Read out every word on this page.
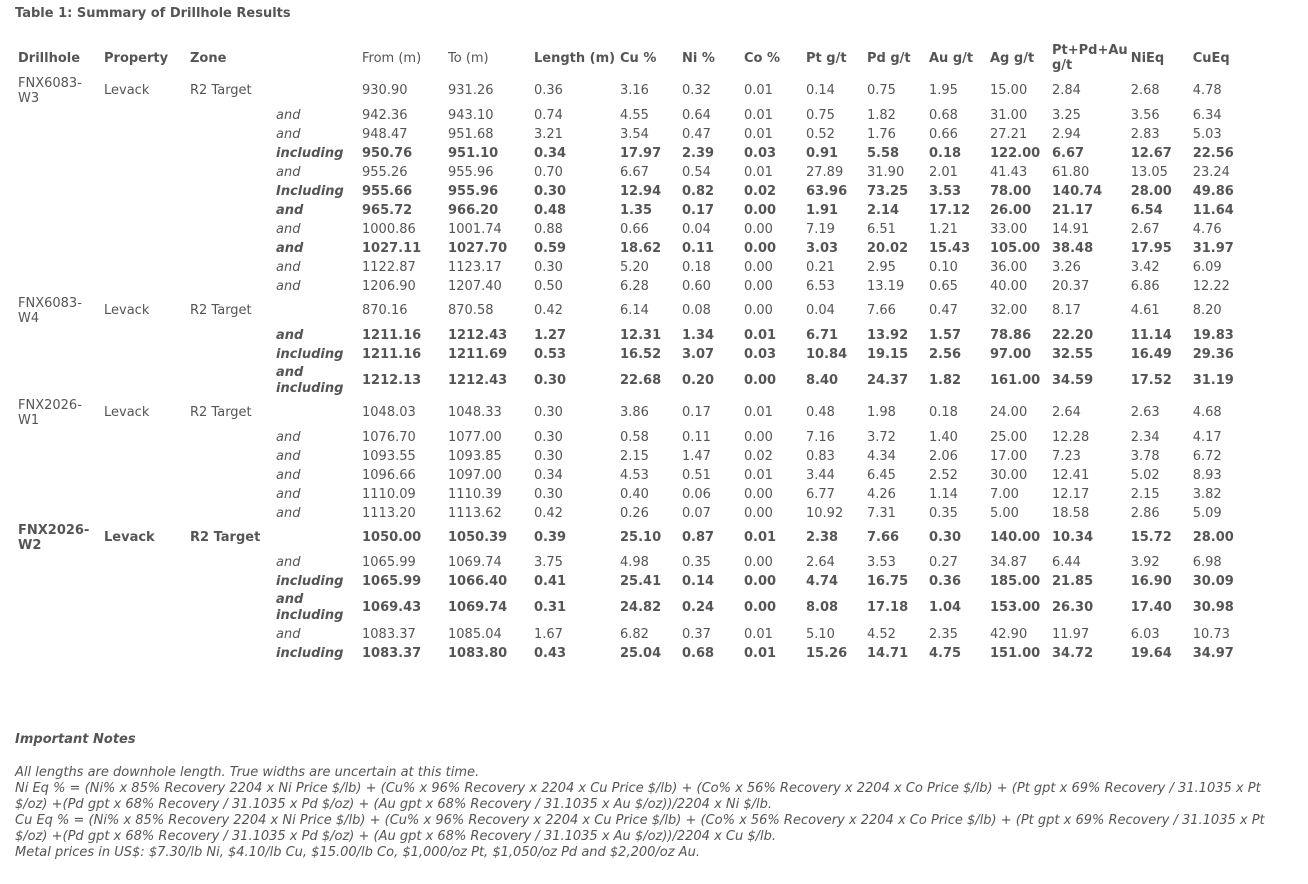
Table 1: Summary of Drillhole Results
Drillhole	Property	Zone		From (m)	To (m)	Length (m)	Cu %	Ni %	Co %	Pt g/t	Pd g/t	Au g/t	Ag g/t	Pt+Pd+Au g/t	NiEq	CuEq
FNX6083-W3	Levack	R2 Target		930.90	931.26	0.36	3.16	0.32	0.01	0.14	0.75	1.95	15.00	2.84	2.68	4.78
			and	942.36	943.10	0.74	4.55	0.64	0.01	0.75	1.82	0.68	31.00	3.25	3.56	6.34
			and	948.47	951.68	3.21	3.54	0.47	0.01	0.52	1.76	0.66	27.21	2.94	2.83	5.03
			including	950.76	951.10	0.34	17.97	2.39	0.03	0.91	5.58	0.18	122.00	6.67	12.67	22.56
			and	955.26	955.96	0.70	6.67	0.54	0.01	27.89	31.90	2.01	41.43	61.80	13.05	23.24
			Including	955.66	955.96	0.30	12.94	0.82	0.02	63.96	73.25	3.53	78.00	140.74	28.00	49.86
			and	965.72	966.20	0.48	1.35	0.17	0.00	1.91	2.14	17.12	26.00	21.17	6.54	11.64
			and	1000.86	1001.74	0.88	0.66	0.04	0.00	7.19	6.51	1.21	33.00	14.91	2.67	4.76
			and	1027.11	1027.70	0.59	18.62	0.11	0.00	3.03	20.02	15.43	105.00	38.48	17.95	31.97
			and	1122.87	1123.17	0.30	5.20	0.18	0.00	0.21	2.95	0.10	36.00	3.26	3.42	6.09
			and	1206.90	1207.40	0.50	6.28	0.60	0.00	6.53	13.19	0.65	40.00	20.37	6.86	12.22
FNX6083-W4	Levack	R2 Target		870.16	870.58	0.42	6.14	0.08	0.00	0.04	7.66	0.47	32.00	8.17	4.61	8.20
			and	1211.16	1212.43	1.27	12.31	1.34	0.01	6.71	13.92	1.57	78.86	22.20	11.14	19.83
			including	1211.16	1211.69	0.53	16.52	3.07	0.03	10.84	19.15	2.56	97.00	32.55	16.49	29.36
			and including	1212.13	1212.43	0.30	22.68	0.20	0.00	8.40	24.37	1.82	161.00	34.59	17.52	31.19
FNX2026-W1	Levack	R2 Target		1048.03	1048.33	0.30	3.86	0.17	0.01	0.48	1.98	0.18	24.00	2.64	2.63	4.68
			and	1076.70	1077.00	0.30	0.58	0.11	0.00	7.16	3.72	1.40	25.00	12.28	2.34	4.17
			and	1093.55	1093.85	0.30	2.15	1.47	0.02	0.83	4.34	2.06	17.00	7.23	3.78	6.72
			and	1096.66	1097.00	0.34	4.53	0.51	0.01	3.44	6.45	2.52	30.00	12.41	5.02	8.93
			and	1110.09	1110.39	0.30	0.40	0.06	0.00	6.77	4.26	1.14	7.00	12.17	2.15	3.82
			and	1113.20	1113.62	0.42	0.26	0.07	0.00	10.92	7.31	0.35	5.00	18.58	2.86	5.09
FNX2026-W2	Levack	R2 Target		1050.00	1050.39	0.39	25.10	0.87	0.01	2.38	7.66	0.30	140.00	10.34	15.72	28.00
			and	1065.99	1069.74	3.75	4.98	0.35	0.00	2.64	3.53	0.27	34.87	6.44	3.92	6.98
			including	1065.99	1066.40	0.41	25.41	0.14	0.00	4.74	16.75	0.36	185.00	21.85	16.90	30.09
			and including	1069.43	1069.74	0.31	24.82	0.24	0.00	8.08	17.18	1.04	153.00	26.30	17.40	30.98
			and	1083.37	1085.04	1.67	6.82	0.37	0.01	5.10	4.52	2.35	42.90	11.97	6.03	10.73
			including	1083.37	1083.80	0.43	25.04	0.68	0.01	15.26	14.71	4.75	151.00	34.72	19.64	34.97
Important Notes

All lengths are downhole length. True widths are uncertain at this time.

Ni Eq % = (Ni% x 85% Recovery 2204 x Ni Price $/lb) + (Cu% x 96% Recovery x 2204 x Cu Price $/lb) + (Co% x 56% Recovery x 2204 x Co Price $/lb) + (Pt gpt x 69% Recovery / 31.1035 x Pt $/oz) +(Pd gpt x 68% Recovery / 31.1035 x Pd $/oz) + (Au gpt x 68% Recovery / 31.1035 x Au $/oz))/2204 x Ni $/lb.

Cu Eq % = (Ni% x 85% Recovery 2204 x Ni Price $/lb) + (Cu% x 96% Recovery x 2204 x Cu Price $/lb) + (Co% x 56% Recovery x 2204 x Co Price $/lb) + (Pt gpt x 69% Recovery / 31.1035 x Pt $/oz) +(Pd gpt x 68% Recovery / 31.1035 x Pd $/oz) + (Au gpt x 68% Recovery / 31.1035 x Au $/oz))/2204 x Cu $/lb.

Metal prices in US$: $7.30/lb Ni, $4.10/lb Cu, $15.00/lb Co, $1,000/oz Pt, $1,050/oz Pd and $2,200/oz Au.
